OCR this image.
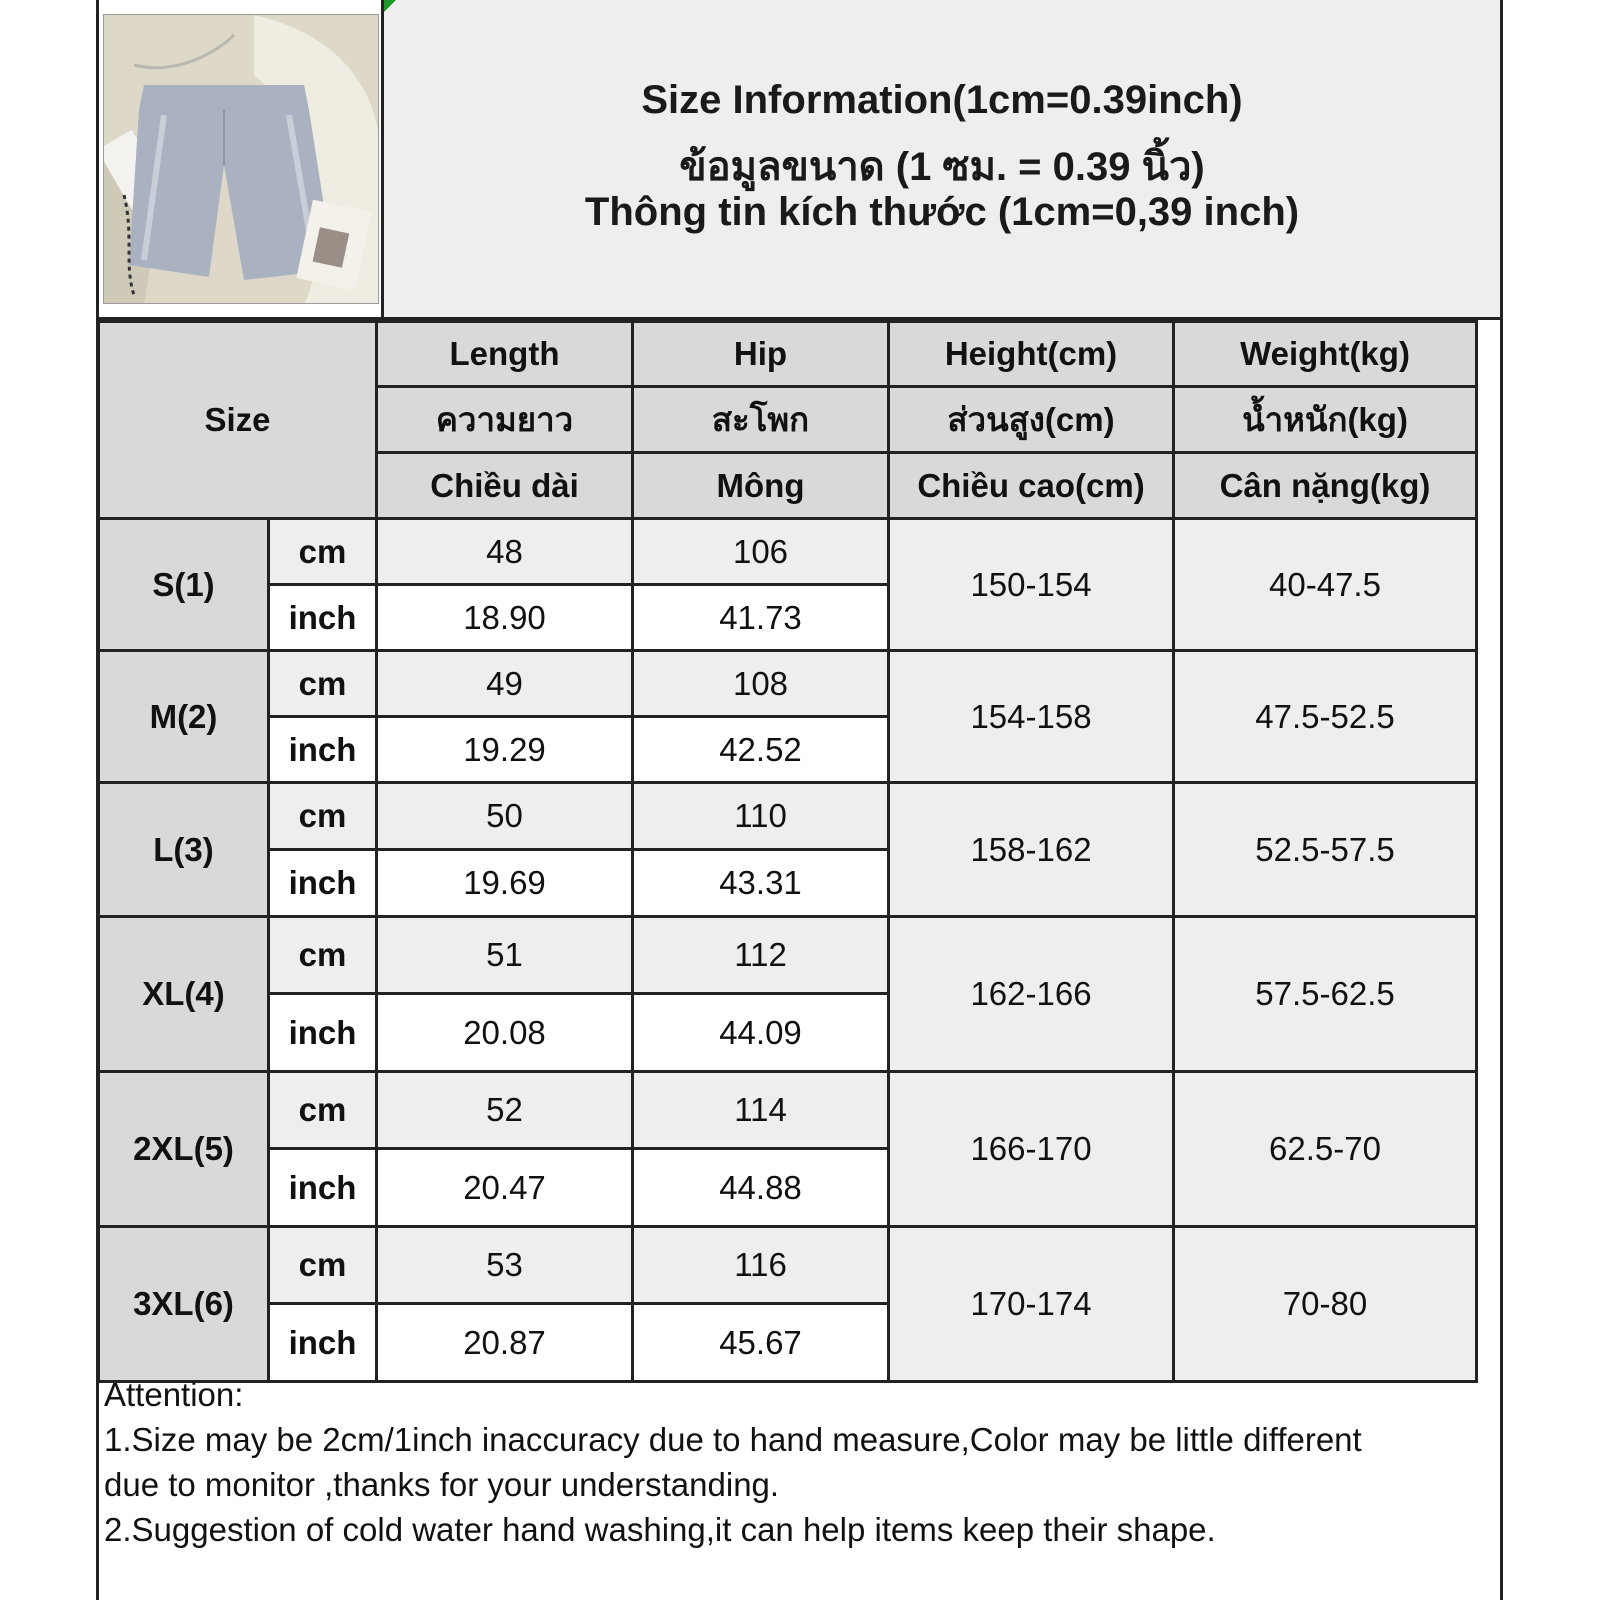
Size Information(1cm=0.39inch)
ข้อมูลขนาด (1 ซม. = 0.39 นิ้ว)
Thông tin kích thước (1cm=0,39 inch)
Size		Length	Hip	Height(cm)	Weight(kg)
		ความยาว	สะโพก	ส่วนสูง(cm)	น้ำหนัก(kg)
		Chiều dài	Mông	Chiều cao(cm)	Cân nặng(kg)
S(1)	cm	48	106	150-154	40-47.5
	inch	18.90	41.73		
M(2)	cm	49	108	154-158	47.5-52.5
	inch	19.29	42.52		
L(3)	cm	50	110	158-162	52.5-57.5
	inch	19.69	43.31		
XL(4)	cm	51	112	162-166	57.5-62.5
	inch	20.08	44.09		
2XL(5)	cm	52	114	166-170	62.5-70
	inch	20.47	44.88		
3XL(6)	cm	53	116	170-174	70-80
	inch	20.87	45.67		
Attention:
1.Size may be 2cm/1inch inaccuracy due to hand measure,Color may be little different
due to monitor ,thanks for your understanding.
2.Suggestion of cold water hand washing,it can help items keep their shape.
